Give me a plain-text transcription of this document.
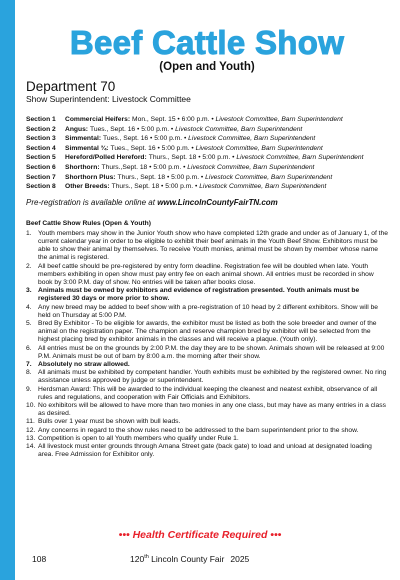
Beef Cattle Show
(Open and Youth)
Department 70
Show Superintendent: Livestock Committee
Section 1	Commercial Heifers: Mon., Sept. 15 • 6:00 p.m. • Livestock Committee, Barn Superintendent
Section 2	Angus: Tues., Sept. 16 • 5:00 p.m. • Livestock Committee, Barn Superintendent
Section 3	Simmental: Tues., Sept. 16 • 5:00 p.m. • Livestock Committee, Barn Superintendent
Section 4	Simmental ¾: Tues., Sept. 16 • 5:00 p.m. • Livestock Committee, Barn Superintendent
Section 5	Hereford/Polled Hereford: Thurs., Sept. 18 • 5:00 p.m. • Livestock Committee, Barn Superintendent
Section 6	Shorthorn: Thurs.,Sept. 18 • 5:00 p.m. • Livestock Committee, Barn Superintendent
Section 7	Shorthorn Plus: Thurs., Sept. 18 • 5:00 p.m. • Livestock Committee, Barn Superintendent
Section 8	Other Breeds: Thurs., Sept. 18 • 5:00 p.m. • Livestock Committee, Barn Superintendent
Pre-registration is available online at www.LincolnCountyFairTN.com
Beef Cattle Show Rules (Open & Youth)
1. Youth members may show in the Junior Youth show who have completed 12th grade and under as of January 1, of the current calendar year in order to be eligible to exhibit their beef animals in the Youth Beef Show. Exhibitors must be able to show their animal by themselves. To receive Youth monies, animal must be shown by member whose name the animal is registered.
2. All beef cattle should be pre-registered by entry form deadline. Registration fee will be doubled when late. Youth members exhibiting in open show must pay entry fee on each animal shown. All entries must be recorded in show book by 3:00 P.M. day of show. No entries will be taken after books close.
3. Animals must be owned by exhibitors and evidence of registration presented. Youth animals must be registered 30 days or more prior to show.
4. Any new breed may be added to beef show with a pre-registration of 10 head by 2 different exhibitors. Show will be held on Thursday at 5:00 P.M.
5. Bred By Exhibitor - To be eligible for awards, the exhibitor must be listed as both the sole breeder and owner of the animal on the registration paper. The champion and reserve champion bred by exhibitor will be selected from the highest placing bred by exhibitor animals in the classes and will receive a plaque. (Youth only).
6. All entries must be on the grounds by 2:00 P.M. the day they are to be shown. Animals shown will be released at 9:00 P.M. Animals must be out of barn by 8:00 a.m. the morning after their show.
7. Absolutely no straw allowed.
8. All animals must be exhibited by competent handler. Youth exhibits must be exhibited by the registered owner. No ring assistance unless approved by judge or superintendent.
9. Herdsman Award: This will be awarded to the individual keeping the cleanest and neatest exhibit, observance of all rules and regulations, and cooperation with Fair Officials and Exhibitors.
10. No exhibitors will be allowed to have more than two monies in any one class, but may have as many entries in a class as desired.
11. Bulls over 1 year must be shown with bull leads.
12. Any concerns in regard to the show rules need to be addressed to the barn superintendent prior to the show.
13. Competition is open to all Youth members who qualify under Rule 1.
14. All livestock must enter grounds through Amana Street gate (back gate) to load and unload at designated loading area. Free Admission for Exhibitor only.
••• Health Certificate Required •••
108	120th Lincoln County Fair 2025
